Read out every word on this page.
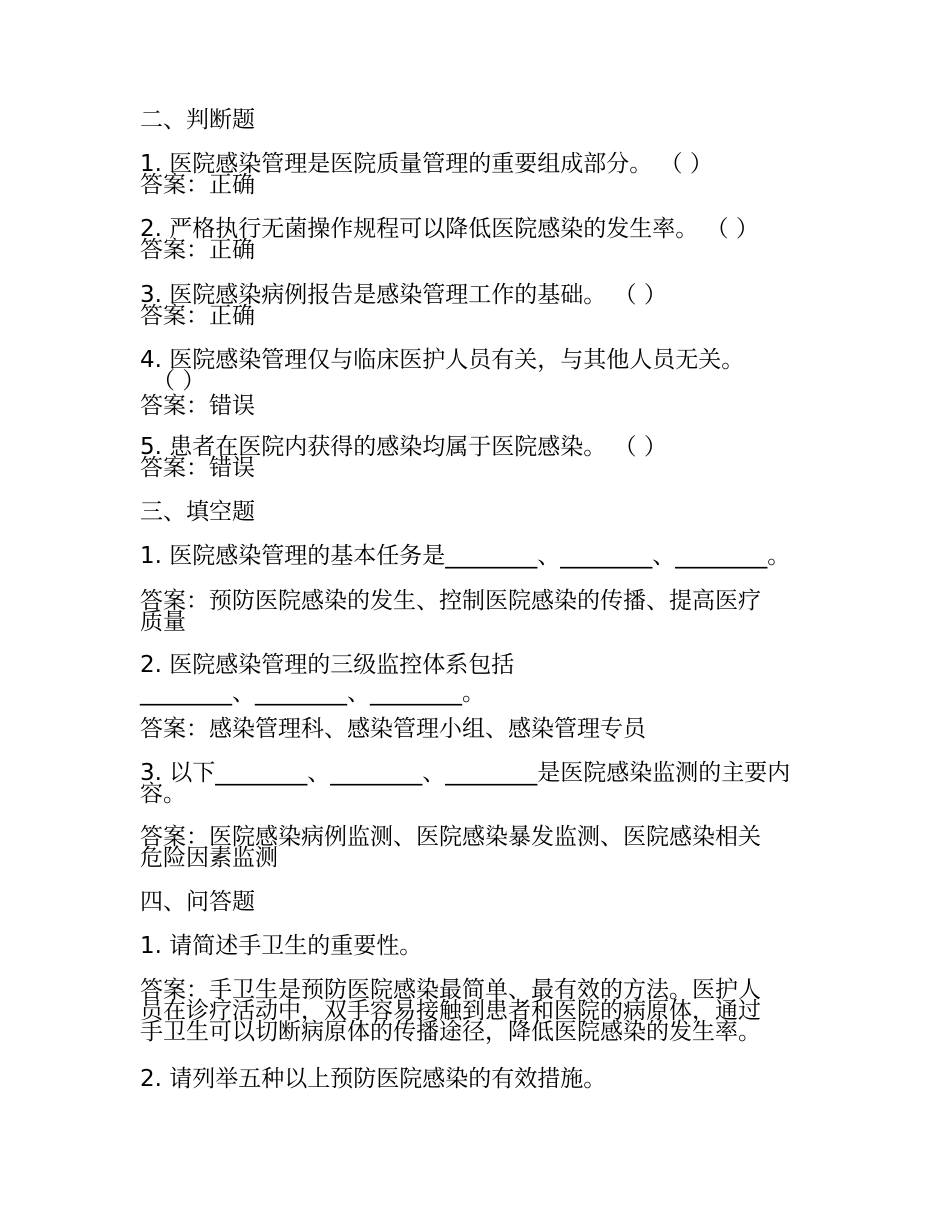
二、判断题
1. 医院感染管理是医院质量管理的重要组成部分。 （ ）
答案：正确
2. 严格执行无菌操作规程可以降低医院感染的发生率。 （ ）
答案：正确
3. 医院感染病例报告是感染管理工作的基础。 （ ）
答案：正确
4. 医院感染管理仅与临床医护人员有关，与其他人员无关。
（ ）
答案：错误
5. 患者在医院内获得的感染均属于医院感染。 （ ）
答案：错误
三、填空题
1. 医院感染管理的基本任务是________、________、________。
答案：预防医院感染的发生、控制医院感染的传播、提高医疗
质量
2. 医院感染管理的三级监控体系包括
________、________、________。
答案：感染管理科、感染管理小组、感染管理专员
3. 以下________、________、________是医院感染监测的主要内
容。
答案：医院感染病例监测、医院感染暴发监测、医院感染相关
危险因素监测
四、问答题
1. 请简述手卫生的重要性。
答案：手卫生是预防医院感染最简单、最有效的方法。医护人
员在诊疗活动中，双手容易接触到患者和医院的病原体，通过
手卫生可以切断病原体的传播途径，降低医院感染的发生率。
2. 请列举五种以上预防医院感染的有效措施。
